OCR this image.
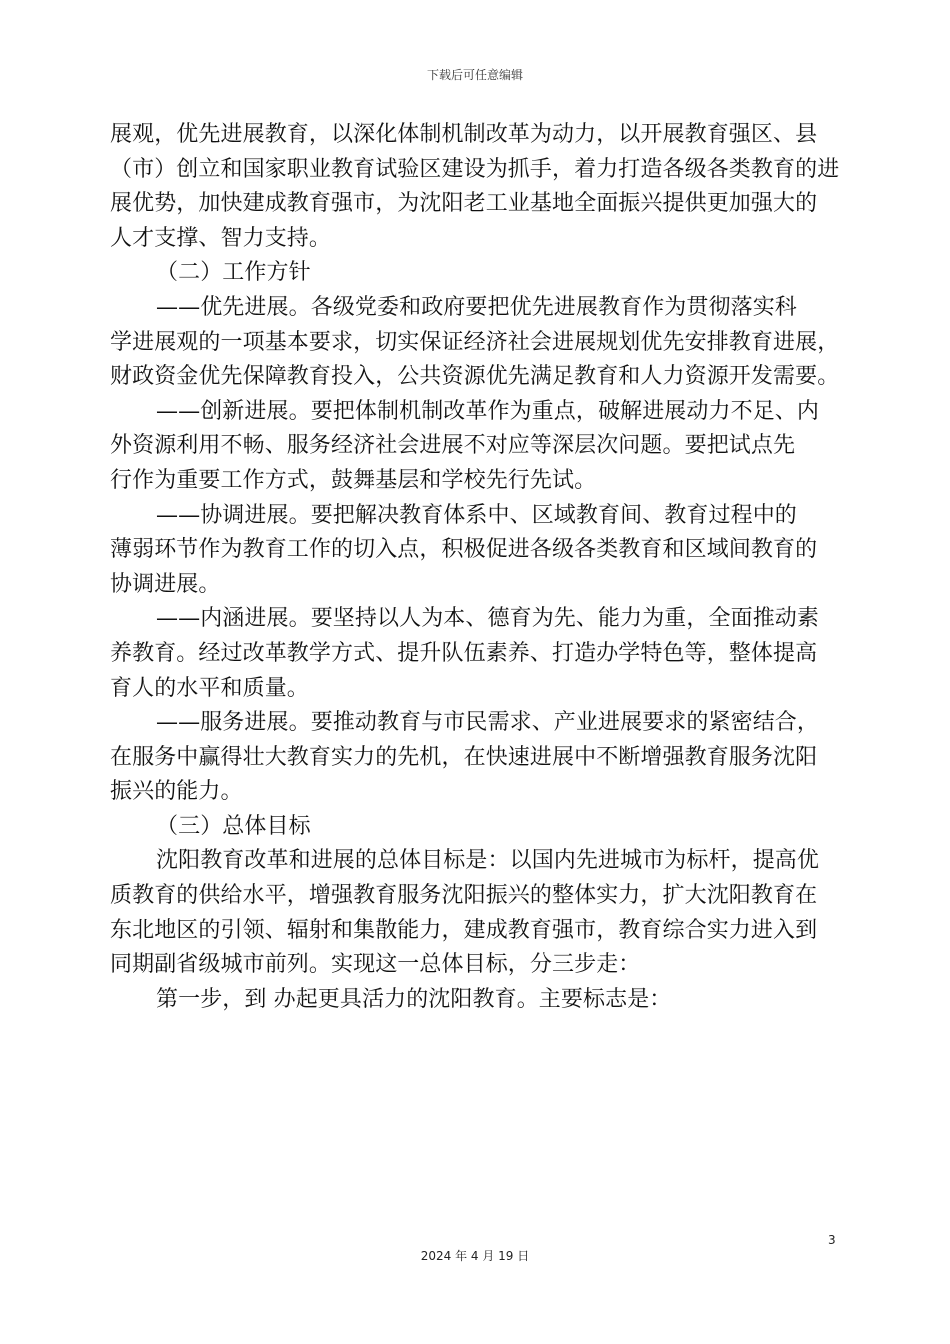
下载后可任意编辑
展观，优先进展教育，以深化体制机制改革为动力，以开展教育强区、县
（市）创立和国家职业教育试验区建设为抓手，着力打造各级各类教育的进
展优势，加快建成教育强市，为沈阳老工业基地全面振兴提供更加强大的
人才支撑、智力支持。
（二）工作方针
——优先进展。各级党委和政府要把优先进展教育作为贯彻落实科
学进展观的一项基本要求，切实保证经济社会进展规划优先安排教育进展，
财政资金优先保障教育投入，公共资源优先满足教育和人力资源开发需要。
——创新进展。要把体制机制改革作为重点，破解进展动力不足、内
外资源利用不畅、服务经济社会进展不对应等深层次问题。要把试点先
行作为重要工作方式，鼓舞基层和学校先行先试。
——协调进展。要把解决教育体系中、区域教育间、教育过程中的
薄弱环节作为教育工作的切入点，积极促进各级各类教育和区域间教育的
协调进展。
——内涵进展。要坚持以人为本、德育为先、能力为重，全面推动素
养教育。经过改革教学方式、提升队伍素养、打造办学特色等，整体提高
育人的水平和质量。
——服务进展。要推动教育与市民需求、产业进展要求的紧密结合，
在服务中赢得壮大教育实力的先机，在快速进展中不断增强教育服务沈阳
振兴的能力。
（三）总体目标
沈阳教育改革和进展的总体目标是：以国内先进城市为标杆，提高优
质教育的供给水平，增强教育服务沈阳振兴的整体实力，扩大沈阳教育在
东北地区的引领、辐射和集散能力，建成教育强市，教育综合实力进入到
同期副省级城市前列。实现这一总体目标，分三步走：
第一步，到 办起更具活力的沈阳教育。主要标志是：
3
2024 年 4 月 19 日
